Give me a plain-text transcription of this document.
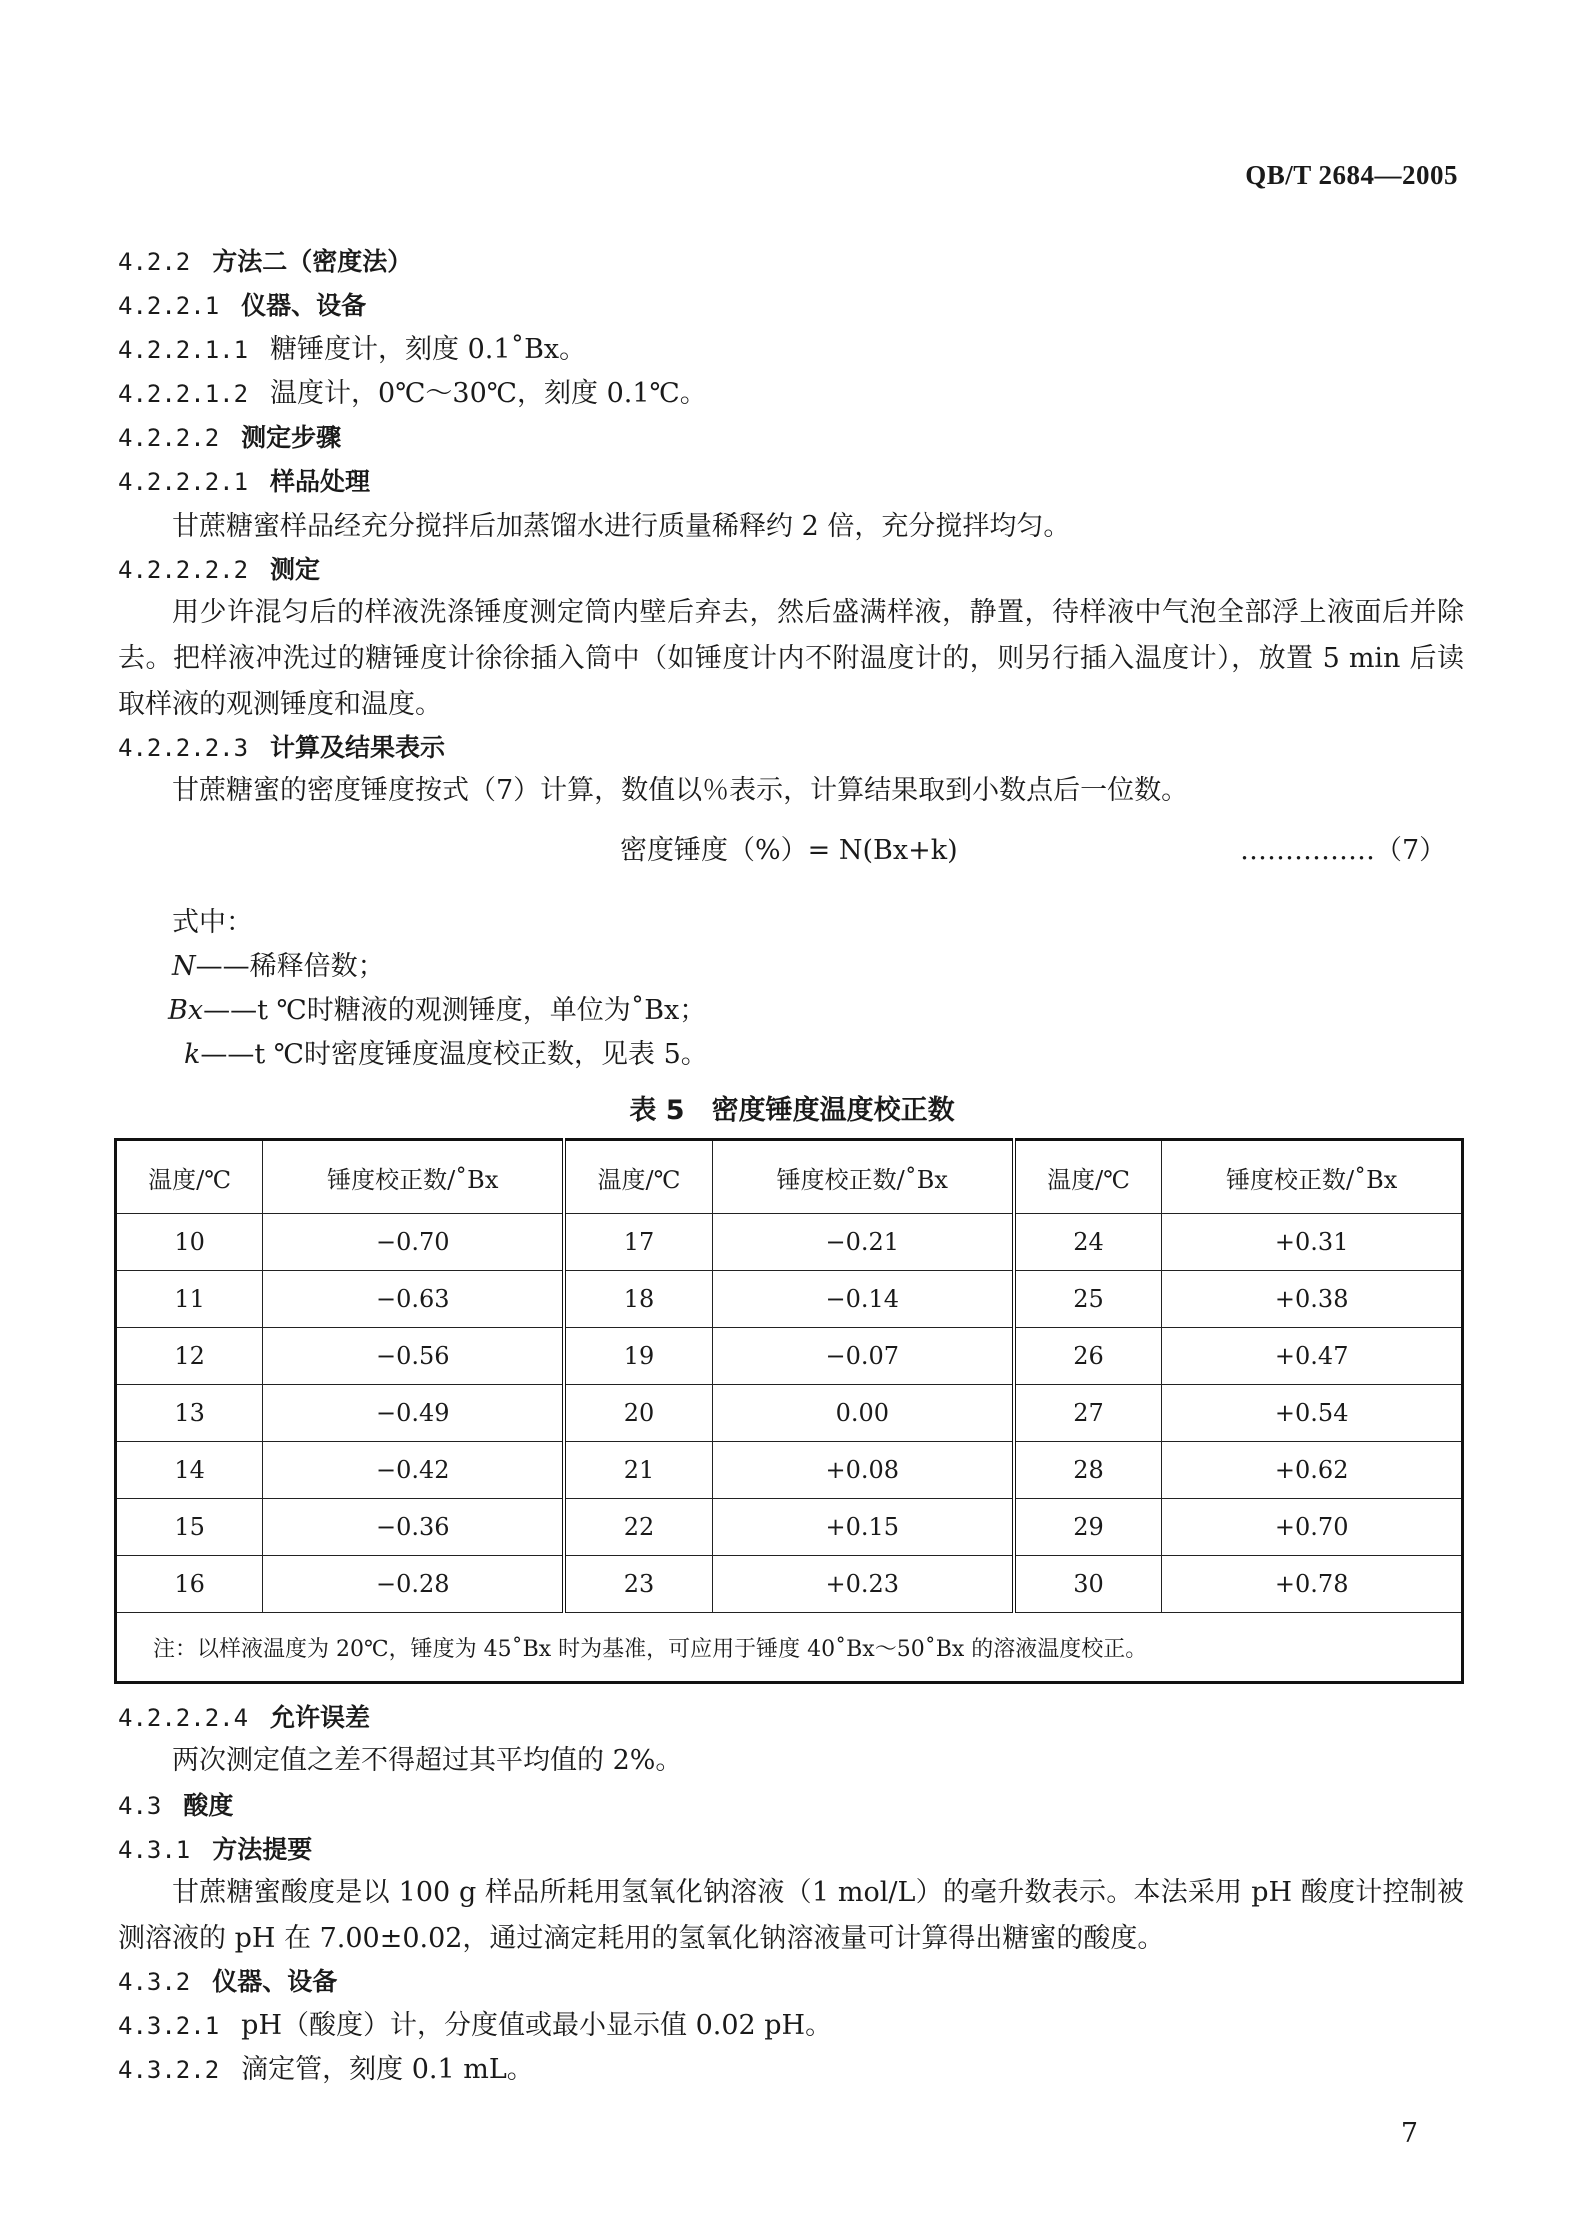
QB/T 2684—2005
4.2.2 方法二（密度法）
4.2.2.1 仪器、设备
4.2.2.1.1 糖锤度计，刻度 0.1˚Bx。
4.2.2.1.2 温度计，0℃～30℃，刻度 0.1℃。
4.2.2.2 测定步骤
4.2.2.2.1 样品处理
甘蔗糖蜜样品经充分搅拌后加蒸馏水进行质量稀释约 2 倍，充分搅拌均匀。
4.2.2.2.2 测定
用少许混匀后的样液洗涤锤度测定筒内壁后弃去，然后盛满样液，静置，待样液中气泡全部浮上液面后并除去。把样液冲洗过的糖锤度计徐徐插入筒中（如锤度计内不附温度计的，则另行插入温度计），放置 5 min 后读取样液的观测锤度和温度。
4.2.2.2.3 计算及结果表示
甘蔗糖蜜的密度锤度按式（7）计算，数值以％表示，计算结果取到小数点后一位数。
密度锤度（%）= N(Bx+k)	……………（7）
式中：
N——稀释倍数；
Bx——t ℃时糖液的观测锤度，单位为˚Bx；
k——t ℃时密度锤度温度校正数，见表 5。
表 5　密度锤度温度校正数
温度/℃	锤度校正数/˚Bx	温度/℃	锤度校正数/˚Bx	温度/℃	锤度校正数/˚Bx
10	−0.70	17	−0.21	24	+0.31
11	−0.63	18	−0.14	25	+0.38
12	−0.56	19	−0.07	26	+0.47
13	−0.49	20	0.00	27	+0.54
14	−0.42	21	+0.08	28	+0.62
15	−0.36	22	+0.15	29	+0.70
16	−0.28	23	+0.23	30	+0.78
注：以样液温度为 20℃，锤度为 45˚Bx 时为基准，可应用于锤度 40˚Bx～50˚Bx 的溶液温度校正。					
4.2.2.2.4 允许误差
两次测定值之差不得超过其平均值的 2%。
4.3 酸度
4.3.1 方法提要
甘蔗糖蜜酸度是以 100 g 样品所耗用氢氧化钠溶液（1 mol/L）的毫升数表示。本法采用 pH 酸度计控制被测溶液的 pH 在 7.00±0.02，通过滴定耗用的氢氧化钠溶液量可计算得出糖蜜的酸度。
4.3.2 仪器、设备
4.3.2.1 pH（酸度）计，分度值或最小显示值 0.02 pH。
4.3.2.2 滴定管，刻度 0.1 mL。
7
